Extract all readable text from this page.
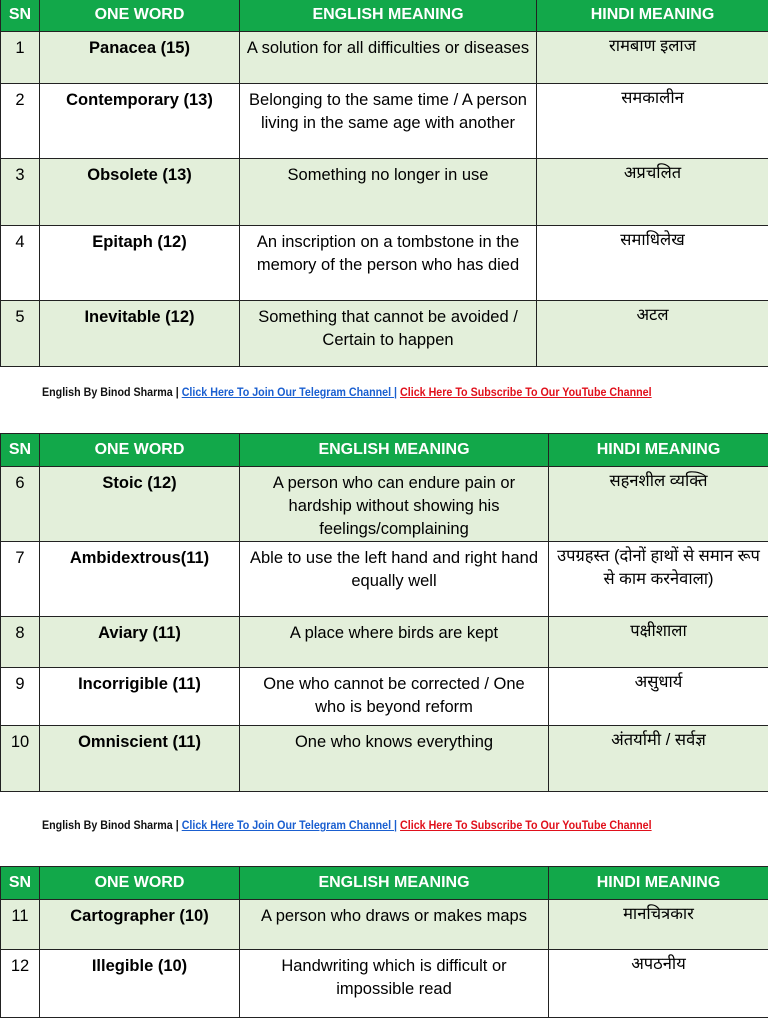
SN	ONE WORD	ENGLISH MEANING	HINDI MEANING
1	Panacea (15)	A solution for all difficulties or diseases	रामबाण इलाज
2	Contemporary (13)	Belonging to the same time / A person living in the same age with another	समकालीन
3	Obsolete (13)	Something no longer in use	अप्रचलित
4	Epitaph (12)	An inscription on a tombstone in the memory of the person who has died	समाधिलेख
5	Inevitable (12)	Something that cannot be avoided / Certain to happen	अटल
English By Binod Sharma | Click Here To Join Our Telegram Channel | Click Here To Subscribe To Our YouTube Channel
SN	ONE WORD	ENGLISH MEANING	HINDI MEANING
6	Stoic (12)	A person who can endure pain or hardship without showing his feelings/complaining	सहनशील व्यक्ति
7	Ambidextrous(11)	Able to use the left hand and right hand equally well	उपग्रहस्त (दोनों हाथों से समान रूप से काम करनेवाला)
8	Aviary (11)	A place where birds are kept	पक्षीशाला
9	Incorrigible (11)	One who cannot be corrected / One who is beyond reform	असुधार्य
10	Omniscient (11)	One who knows everything	अंतर्यामी / सर्वज्ञ
English By Binod Sharma | Click Here To Join Our Telegram Channel | Click Here To Subscribe To Our YouTube Channel
SN	ONE WORD	ENGLISH MEANING	HINDI MEANING
11	Cartographer (10)	A person who draws or makes maps	मानचित्रकार
12	Illegible (10)	Handwriting which is difficult or impossible read	अपठनीय
